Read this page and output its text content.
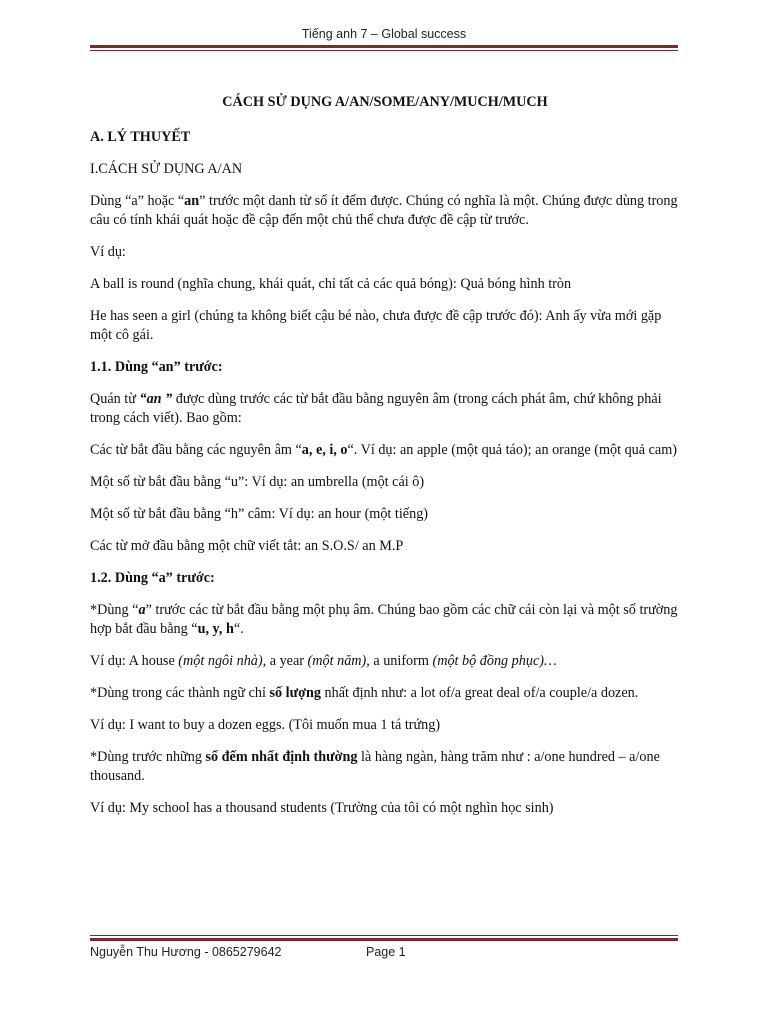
Tiếng anh 7 – Global success

CÁCH SỬ DỤNG A/AN/SOME/ANY/MUCH/MUCH

A. LÝ THUYẾT

I.CÁCH SỬ DỤNG A/AN

Dùng “a” hoặc “an” trước một danh từ số ít đếm được. Chúng có nghĩa là một. Chúng được dùng trong câu có tính khái quát hoặc đề cập đến một chủ thể chưa được đề cập từ trước.

Ví dụ:

A ball is round (nghĩa chung, khái quát, chỉ tất cả các quả bóng): Quả bóng hình tròn

He has seen a girl (chúng ta không biết cậu bé nào, chưa được đề cập trước đó): Anh ấy vừa mới gặp một cô gái.

1.1. Dùng “an” trước:

Quán từ “an ” được dùng trước các từ bắt đầu bằng nguyên âm (trong cách phát âm, chứ không phải trong cách viết). Bao gồm:

Các từ bắt đầu bằng các nguyên âm “a, e, i, o“. Ví dụ: an apple (một quả táo); an orange (một quả cam)

Một số từ bắt đầu bằng “u”: Ví dụ: an umbrella (một cái ô)

Một số từ bắt đầu bằng “h” câm: Ví dụ: an hour (một tiếng)

Các từ mở đầu bằng một chữ viết tắt: an S.O.S/ an M.P

1.2. Dùng “a” trước:

*Dùng “a” trước các từ bắt đầu bằng một phụ âm. Chúng bao gồm các chữ cái còn lại và một số trường hợp bắt đầu bằng “u, y, h“.

Ví dụ: A house (một ngôi nhà), a year (một năm), a uniform (một bộ đồng phục)…

*Dùng trong các thành ngữ chỉ số lượng nhất định như: a lot of/a great deal of/a couple/a dozen.

Ví dụ: I want to buy a dozen eggs. (Tôi muốn mua 1 tá trứng)

*Dùng trước những số đếm nhất định thường là hàng ngàn, hàng trăm như : a/one hundred – a/one thousand.

Ví dụ: My school has a thousand students (Trường của tôi có một nghìn học sinh)

Nguyễn Thu Hương - 0865279642	Page 1
